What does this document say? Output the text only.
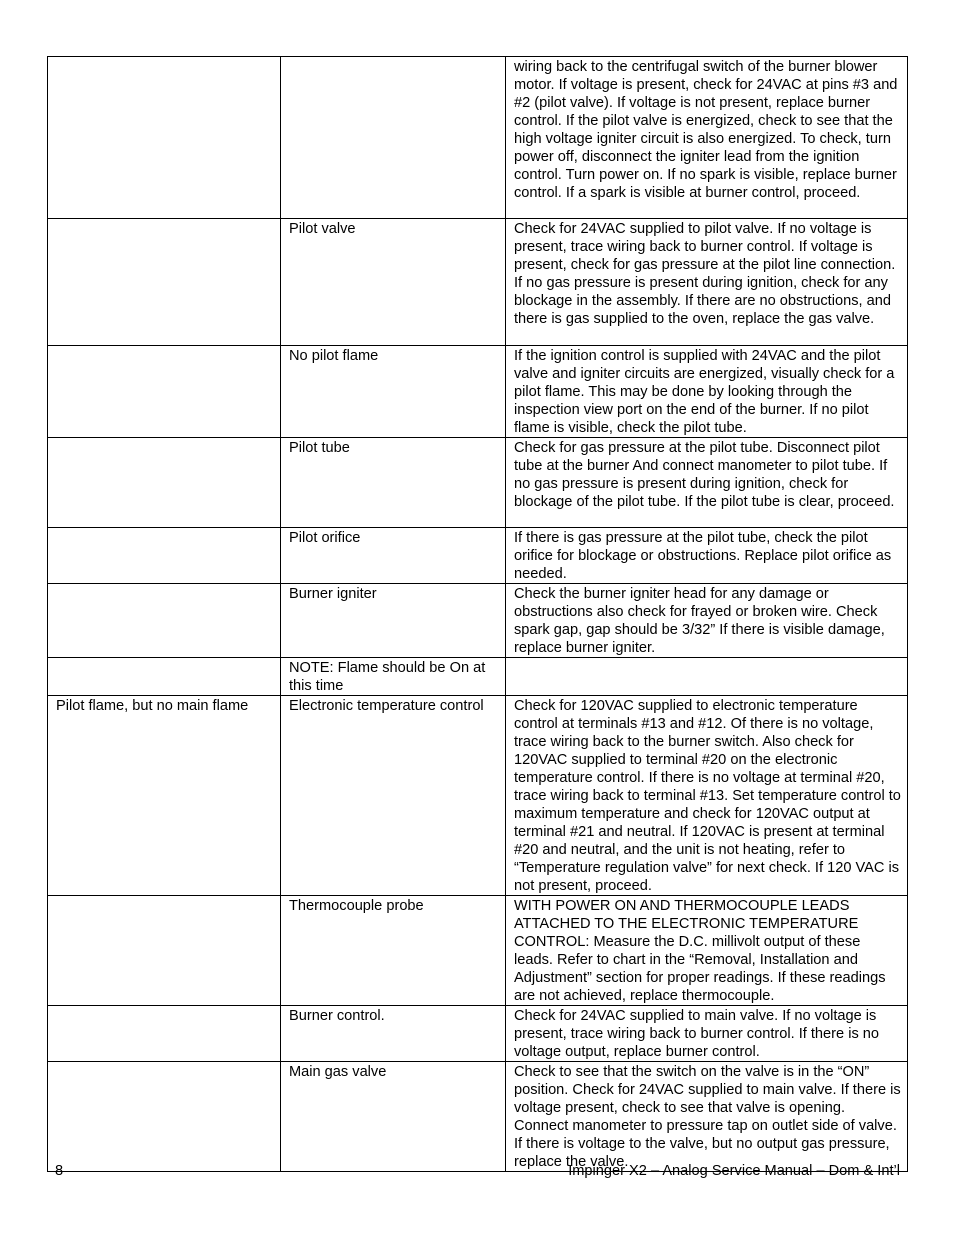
		wiring back to the centrifugal switch of the burner blower motor. If voltage is present, check for 24VAC at pins #3 and #2 (pilot valve). If voltage is not present, replace burner control. If the pilot valve is energized, check to see that the high voltage igniter circuit is also energized. To check, turn power off, disconnect the igniter lead from the ignition control. Turn power on. If no spark is visible, replace burner control. If a spark is visible at burner control, proceed.
	Pilot valve	Check for 24VAC supplied to pilot valve. If no voltage is present, trace wiring back to burner control. If voltage is present, check for gas pressure at the pilot line connection. If no gas pressure is present during ignition, check for any blockage in the assembly. If there are no obstructions, and there is gas supplied to the oven, replace the gas valve.
	No pilot flame	If the ignition control is supplied with 24VAC and the pilot valve and igniter circuits are energized, visually check for a pilot flame. This may be done by looking through the inspection view port on the end of the burner. If no pilot flame is visible, check the pilot tube.
	Pilot tube	Check for gas pressure at the pilot tube. Disconnect pilot tube at the burner And connect manometer to pilot tube. If no gas pressure is present during ignition, check for blockage of the pilot tube. If the pilot tube is clear, proceed.
	Pilot orifice	If there is gas pressure at the pilot tube, check the pilot orifice for blockage or obstructions. Replace pilot orifice as needed.
	Burner igniter	Check the burner igniter head for any damage or obstructions also check for frayed or broken wire. Check spark gap, gap should be 3/32” If there is visible damage, replace burner igniter.
	NOTE: Flame should be On at this time	
Pilot flame, but no main flame	Electronic temperature control	Check for 120VAC supplied to electronic temperature control at terminals #13 and #12. Of there is no voltage, trace wiring back to the burner switch. Also check for 120VAC supplied to terminal #20 on the electronic temperature control. If there is no voltage at terminal #20, trace wiring back to terminal #13. Set temperature control to maximum temperature and check for 120VAC output at terminal #21 and neutral. If 120VAC is present at terminal #20 and neutral, and the unit is not heating, refer to “Temperature regulation valve” for next check. If 120 VAC is not present, proceed.
	Thermocouple probe	WITH POWER ON AND THERMOCOUPLE LEADS ATTACHED TO THE ELECTRONIC TEMPERATURE CONTROL: Measure the D.C. millivolt output of these leads. Refer to chart in the “Removal, Installation and Adjustment” section for proper readings. If these readings are not achieved, replace thermocouple.
	Burner control.	Check for 24VAC supplied to main valve. If no voltage is present, trace wiring back to burner control. If there is no voltage output, replace burner control.
	Main gas valve	Check to see that the switch on the valve is in the “ON” position. Check for 24VAC supplied to main valve. If there is voltage present, check to see that valve is opening. Connect manometer to pressure tap on outlet side of valve. If there is voltage to the valve, but no output gas pressure, replace the valve.
8	Impinger X2 – Analog Service Manual – Dom & Int’l
